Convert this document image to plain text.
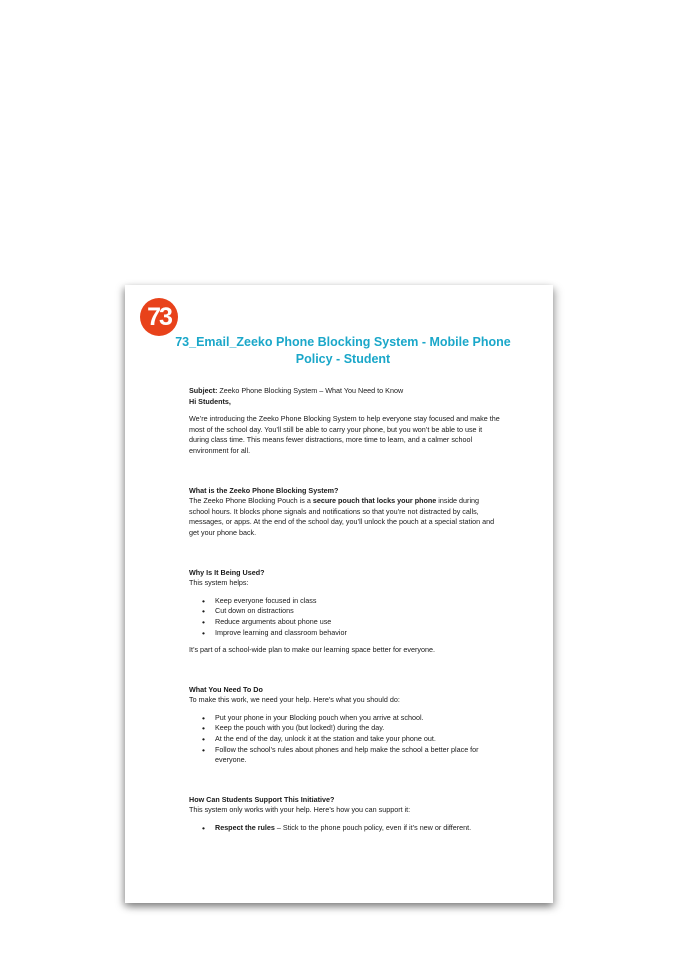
73
73_Email_Zeeko Phone Blocking System - Mobile Phone Policy - Student

Subject: Zeeko Phone Blocking System – What You Need to Know

Hi Students,

We’re introducing the Zeeko Phone Blocking System to help everyone stay focused and make the most of the school day. You’ll still be able to carry your phone, but you won’t be able to use it during class time. This means fewer distractions, more time to learn, and a calmer school environment for all.

What is the Zeeko Phone Blocking System?

The Zeeko Phone Blocking Pouch is a secure pouch that locks your phone inside during school hours. It blocks phone signals and notifications so that you’re not distracted by calls, messages, or apps. At the end of the school day, you’ll unlock the pouch at a special station and get your phone back.

Why Is It Being Used?

This system helps:

• Keep everyone focused in class
• Cut down on distractions
• Reduce arguments about phone use
• Improve learning and classroom behavior

It’s part of a school-wide plan to make our learning space better for everyone.

What You Need To Do

To make this work, we need your help. Here’s what you should do:

• Put your phone in your Blocking pouch when you arrive at school.
• Keep the pouch with you (but locked!) during the day.
• At the end of the day, unlock it at the station and take your phone out.
• Follow the school’s rules about phones and help make the school a better place for everyone.

How Can Students Support This Initiative?

This system only works with your help. Here’s how you can support it:

• Respect the rules – Stick to the phone pouch policy, even if it’s new or different.
